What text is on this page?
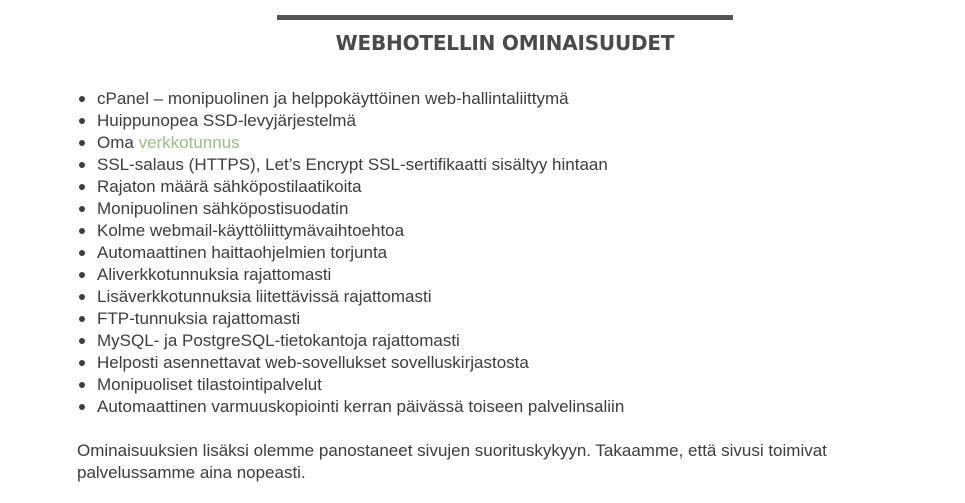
WEBHOTELLIN OMINAISUUDET
cPanel – monipuolinen ja helppokäyttöinen web-hallintaliittymä
Huippunopea SSD-levyjärjestelmä
Oma verkkotunnus
SSL-salaus (HTTPS), Let’s Encrypt SSL-sertifikaatti sisältyy hintaan
Rajaton määrä sähköpostilaatikoita
Monipuolinen sähköpostisuodatin
Kolme webmail-käyttöliittymävaihtoehtoa
Automaattinen haittaohjelmien torjunta
Aliverkkotunnuksia rajattomasti
Lisäverkkotunnuksia liitettävissä rajattomasti
FTP-tunnuksia rajattomasti
MySQL- ja PostgreSQL-tietokantoja rajattomasti
Helposti asennettavat web-sovellukset sovelluskirjastosta
Monipuoliset tilastointipalvelut
Automaattinen varmuuskopiointi kerran päivässä toiseen palvelinsaliin

Ominaisuuksien lisäksi olemme panostaneet sivujen suorituskykyyn. Takaamme, että sivusi toimivat palvelussamme aina nopeasti.
